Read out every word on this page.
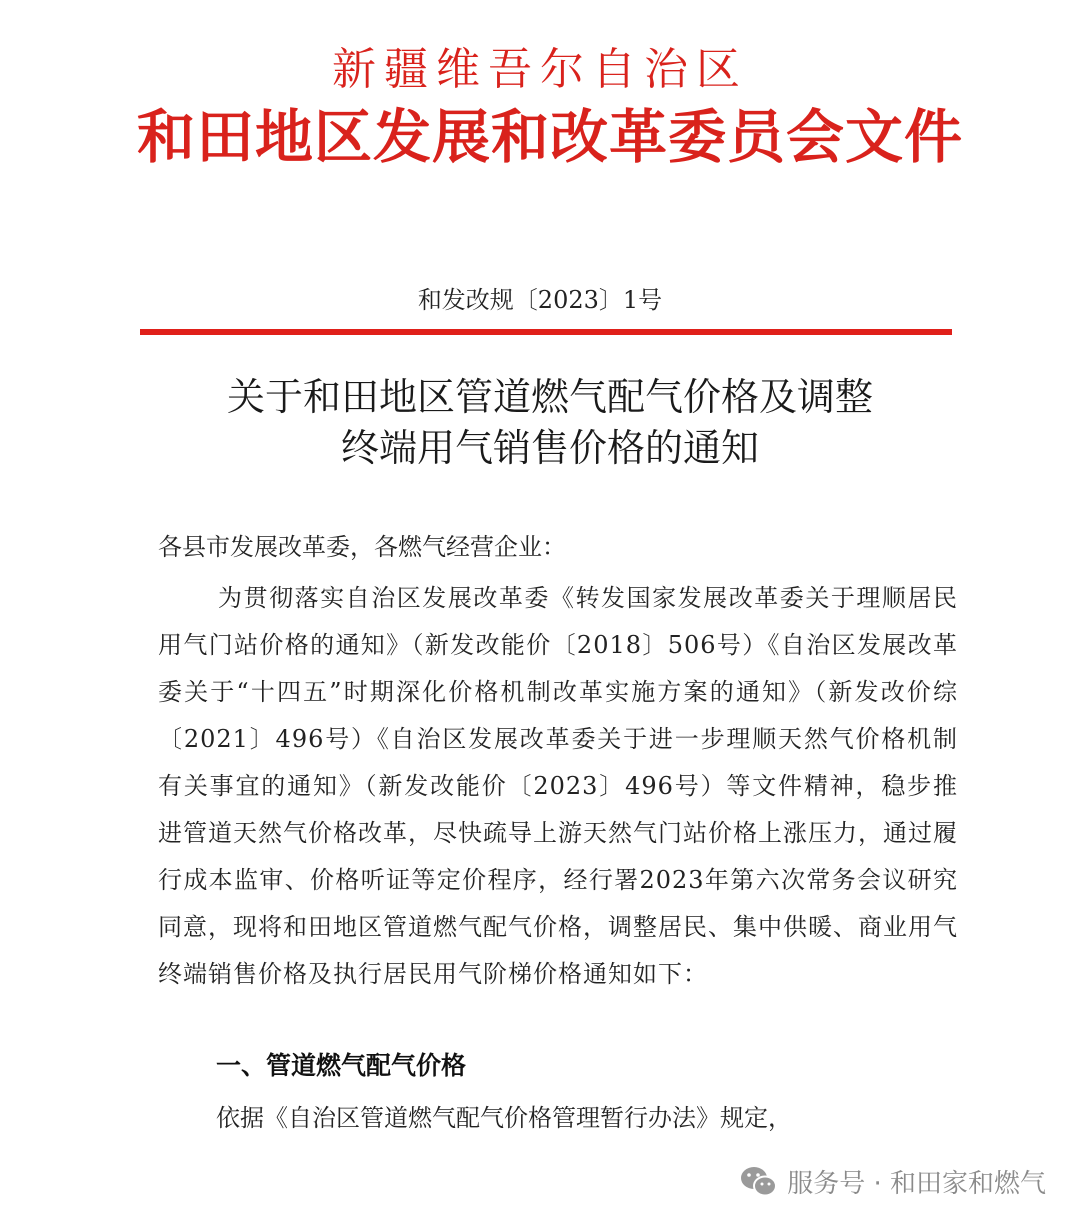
新疆维吾尔自治区
和田地区发展和改革委员会文件
和发改规〔2023〕1号
关于和田地区管道燃气配气价格及调整
终端用气销售价格的通知
各县市发展改革委，各燃气经营企业：
为贯彻落实自治区发展改革委《转发国家发展改革委关于理顺居民用气门站价格的通知》（新发改能价〔2018〕506号）《自治区发展改革委关于“十四五”时期深化价格机制改革实施方案的通知》（新发改价综〔2021〕496号）《自治区发展改革委关于进一步理顺天然气价格机制有关事宜的通知》（新发改能价〔2023〕496号）等文件精神，稳步推进管道天然气价格改革，尽快疏导上游天然气门站价格上涨压力，通过履行成本监审、价格听证等定价程序，经行署2023年第六次常务会议研究同意，现将和田地区管道燃气配气价格，调整居民、集中供暖、商业用气终端销售价格及执行居民用气阶梯价格通知如下：
一、管道燃气配气价格
依据《自治区管道燃气配气价格管理暂行办法》规定，
服务号 · 和田家和燃气
